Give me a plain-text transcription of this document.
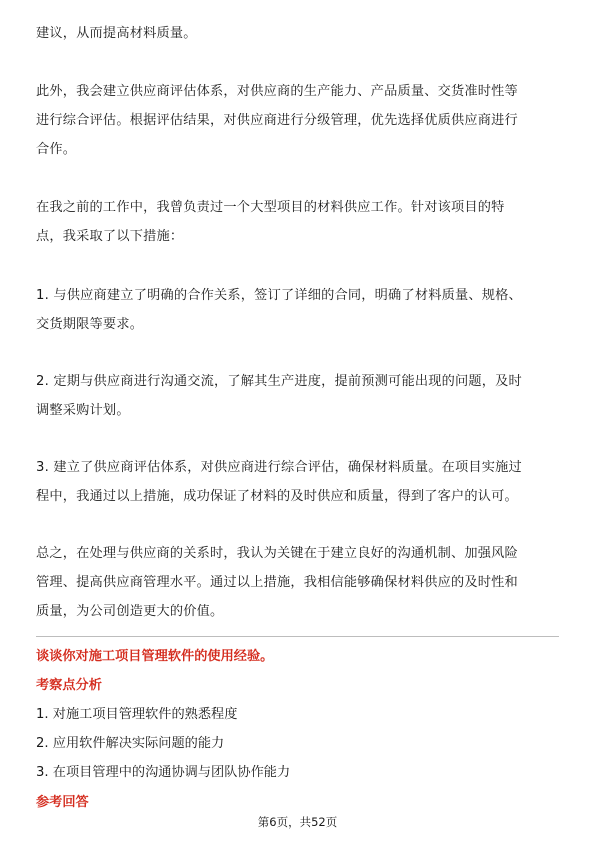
建议，从而提高材料质量。
此外，我会建立供应商评估体系，对供应商的生产能力、产品质量、交货准时性等
进行综合评估。根据评估结果，对供应商进行分级管理，优先选择优质供应商进行
合作。
在我之前的工作中，我曾负责过一个大型项目的材料供应工作。针对该项目的特
点，我采取了以下措施：
1. 与供应商建立了明确的合作关系，签订了详细的合同，明确了材料质量、规格、
交货期限等要求。
2. 定期与供应商进行沟通交流，了解其生产进度，提前预测可能出现的问题，及时
调整采购计划。
3. 建立了供应商评估体系，对供应商进行综合评估，确保材料质量。在项目实施过
程中，我通过以上措施，成功保证了材料的及时供应和质量，得到了客户的认可。
总之，在处理与供应商的关系时，我认为关键在于建立良好的沟通机制、加强风险
管理、提高供应商管理水平。通过以上措施，我相信能够确保材料供应的及时性和
质量，为公司创造更大的价值。

谈谈你对施工项目管理软件的使用经验。

考察点分析

1. 对施工项目管理软件的熟悉程度
2. 应用软件解决实际问题的能力
3. 在项目管理中的沟通协调与团队协作能力

参考回答

第6页，共52页
